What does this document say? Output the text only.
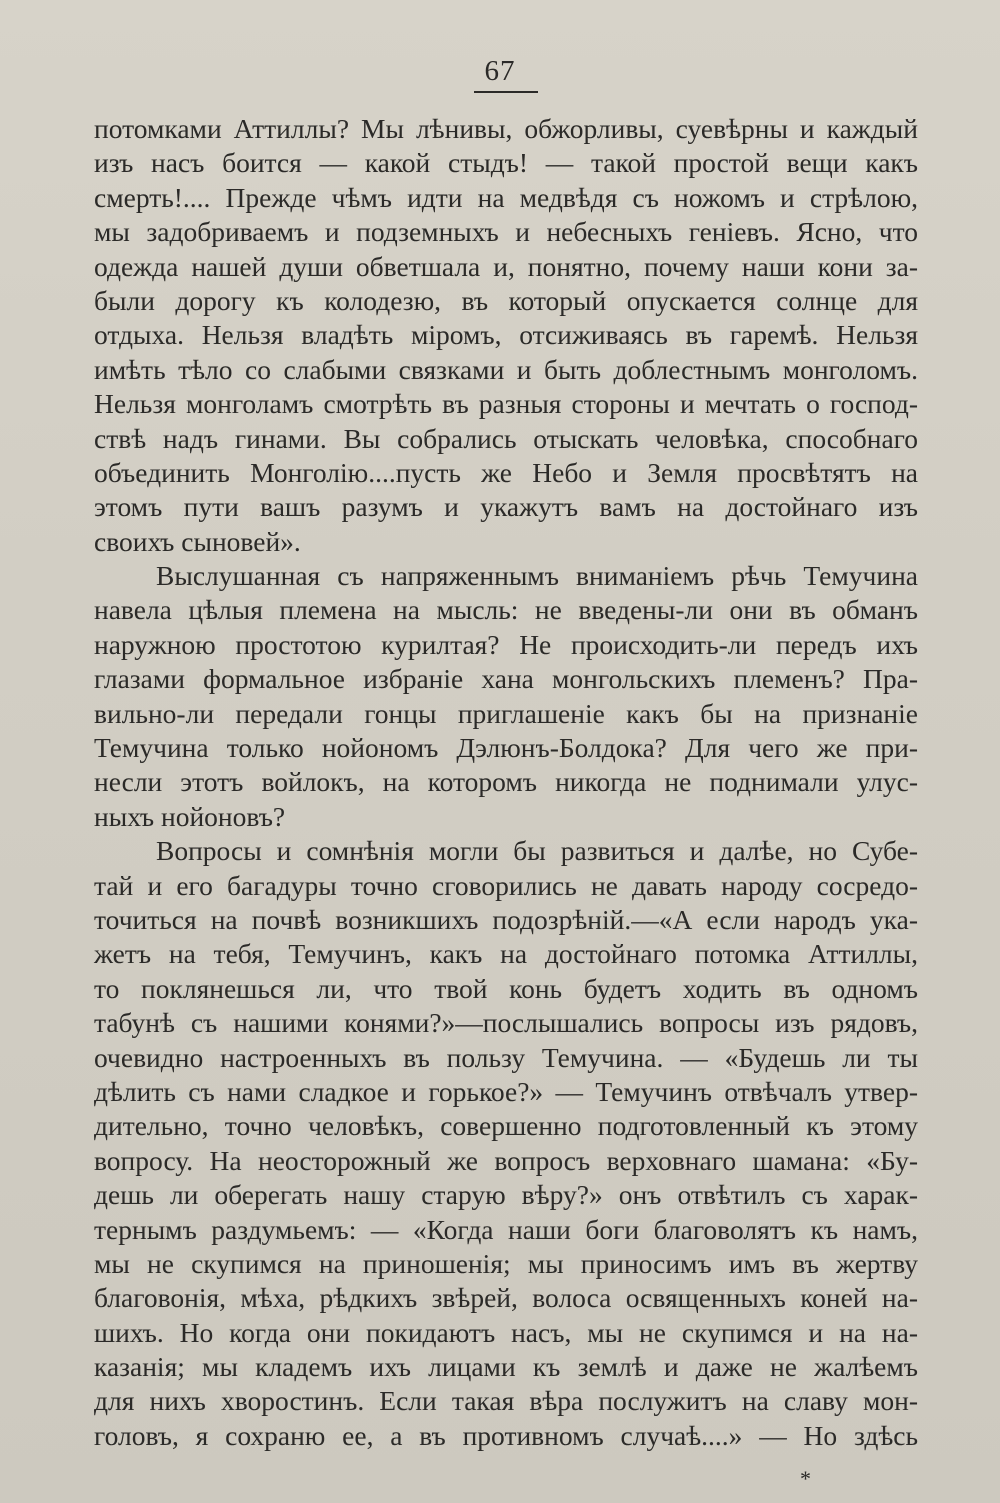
67
потомками Аттиллы? Мы лѣнивы, обжорливы, суевѣрны и каждый
изъ насъ боится — какой стыдъ! — такой простой вещи какъ
смерть!.... Прежде чѣмъ идти на медвѣдя съ ножомъ и стрѣлою,
мы задобриваемъ и подземныхъ и небесныхъ геніевъ. Ясно, что
одежда нашей души обветшала и, понятно, почему наши кони за-
были дорогу къ колодезю, въ который опускается солнце для
отдыха. Нельзя владѣть міромъ, отсиживаясь въ гаремѣ. Нельзя
имѣть тѣло со слабыми связками и быть доблестнымъ монголомъ.
Нельзя монголамъ смотрѣть въ разныя стороны и мечтать о господ-
ствѣ надъ гинами. Вы собрались отыскать человѣка, способнаго
объединить Монголію....пусть же Небо и Земля просвѣтятъ на
этомъ пути вашъ разумъ и укажутъ вамъ на достойнаго изъ
своихъ сыновей».
Выслушанная съ напряженнымъ вниманіемъ рѣчь Темучина
навела цѣлыя племена на мысль: не введены-ли они въ обманъ
наружною простотою курилтая? Не происходить-ли передъ ихъ
глазами формальное избраніе хана монгольскихъ племенъ? Пра-
вильно-ли передали гонцы приглашеніе какъ бы на признаніе
Темучина только нойономъ Дэлюнъ-Болдока? Для чего же при-
несли этотъ войлокъ, на которомъ никогда не поднимали улус-
ныхъ нойоновъ?
Вопросы и сомнѣнія могли бы развиться и далѣе, но Субе-
тай и его багадуры точно сговорились не давать народу сосредо-
точиться на почвѣ возникшихъ подозрѣній.—«А если народъ ука-
жетъ на тебя, Темучинъ, какъ на достойнаго потомка Аттиллы,
то поклянешься ли, что твой конь будетъ ходить въ одномъ
табунѣ съ нашими конями?»—послышались вопросы изъ рядовъ,
очевидно настроенныхъ въ пользу Темучина. — «Будешь ли ты
дѣлить съ нами сладкое и горькое?» — Темучинъ отвѣчалъ утвер-
дительно, точно человѣкъ, совершенно подготовленный къ этому
вопросу. На неосторожный же вопросъ верховнаго шамана: «Бу-
дешь ли оберегать нашу старую вѣру?» онъ отвѣтилъ съ харак-
тернымъ раздумьемъ: — «Когда наши боги благоволятъ къ намъ,
мы не скупимся на приношенія; мы приносимъ имъ въ жертву
благовонія, мѣха, рѣдкихъ звѣрей, волоса освященныхъ коней на-
шихъ. Но когда они покидаютъ насъ, мы не скупимся и на на-
казанія; мы кладемъ ихъ лицами къ землѣ и даже не жалѣемъ
для нихъ хворостинъ. Если такая вѣра послужитъ на славу мон-
головъ, я сохраню ее, а въ противномъ случаѣ....» — Но здѣсь
*
